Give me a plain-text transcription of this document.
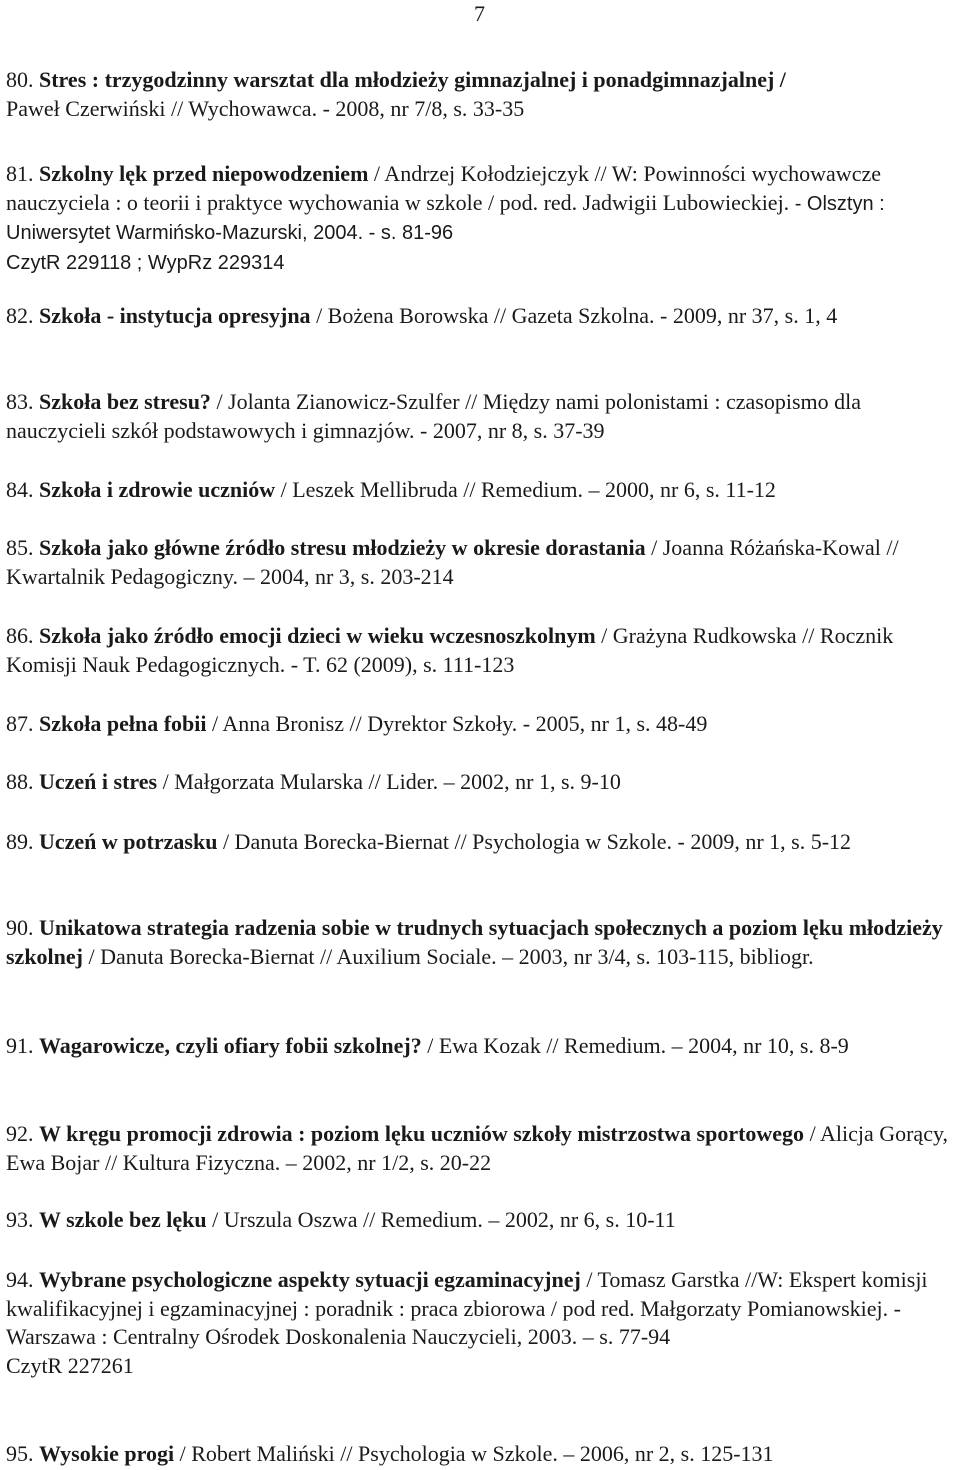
7

80. Stres : trzygodzinny warsztat dla młodzieży gimnazjalnej i ponadgimnazjalnej /
Paweł Czerwiński // Wychowawca. - 2008, nr 7/8, s. 33-35

81. Szkolny lęk przed niepowodzeniem / Andrzej Kołodziejczyk // W: Powinności wychowawcze nauczyciela : o teorii i praktyce wychowania w szkole / pod. red. Jadwigii Lubowieckiej. - Olsztyn : Uniwersytet Warmińsko-Mazurski, 2004. - s. 81-96
CzytR 229118 ; WypRz 229314

82. Szkoła - instytucja opresyjna / Bożena Borowska // Gazeta Szkolna. - 2009, nr 37, s. 1, 4

83. Szkoła bez stresu? / Jolanta Zianowicz-Szulfer // Między nami polonistami : czasopismo dla nauczycieli szkół podstawowych i gimnazjów. - 2007, nr 8, s. 37-39

84. Szkoła i zdrowie uczniów / Leszek Mellibruda // Remedium. – 2000, nr 6, s. 11-12

85. Szkoła jako główne źródło stresu młodzieży w okresie dorastania / Joanna Różańska-Kowal // Kwartalnik Pedagogiczny. – 2004, nr 3, s. 203-214

86. Szkoła jako źródło emocji dzieci w wieku wczesnoszkolnym / Grażyna Rudkowska // Rocznik Komisji Nauk Pedagogicznych. - T. 62 (2009), s. 111-123

87. Szkoła pełna fobii / Anna Bronisz // Dyrektor Szkoły. - 2005, nr 1, s. 48-49

88. Uczeń i stres / Małgorzata Mularska // Lider. – 2002, nr 1, s. 9-10

89. Uczeń w potrzasku / Danuta Borecka-Biernat // Psychologia w Szkole. - 2009, nr 1, s. 5-12

90. Unikatowa strategia radzenia sobie w trudnych sytuacjach społecznych a poziom lęku młodzieży szkolnej / Danuta Borecka-Biernat // Auxilium Sociale. – 2003, nr 3/4, s. 103-115, bibliogr.

91. Wagarowicze, czyli ofiary fobii szkolnej? / Ewa Kozak // Remedium. – 2004, nr 10, s. 8-9

92. W kręgu promocji zdrowia : poziom lęku uczniów szkoły mistrzostwa sportowego / Alicja Gorący, Ewa Bojar // Kultura Fizyczna. – 2002, nr 1/2, s. 20-22

93. W szkole bez lęku / Urszula Oszwa // Remedium. – 2002, nr 6, s. 10-11

94. Wybrane psychologiczne aspekty sytuacji egzaminacyjnej / Tomasz Garstka //W: Ekspert komisji kwalifikacyjnej i egzaminacyjnej : poradnik : praca zbiorowa / pod red. Małgorzaty Pomianowskiej. - Warszawa : Centralny Ośrodek Doskonalenia Nauczycieli, 2003. – s. 77-94
CzytR 227261

95. Wysokie progi / Robert Maliński // Psychologia w Szkole. – 2006, nr 2, s. 125-131
